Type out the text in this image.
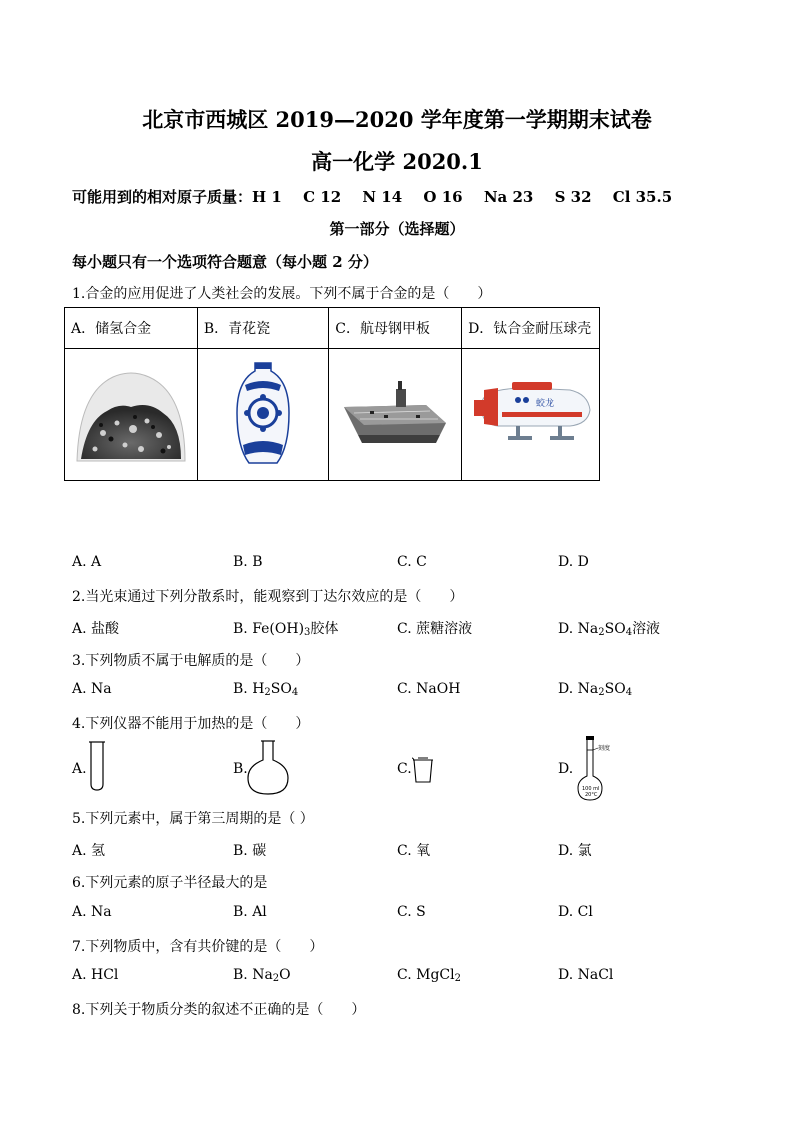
北京市西城区 2019—2020 学年度第一学期期末试卷
高一化学 2020.1
可能用到的相对原子质量：H 1 C 12 N 14 O 16 Na 23 S 32 Cl 35.5
第一部分（选择题）
每小题只有一个选项符合题意（每小题 2 分）
1.合金的应用促进了人类社会的发展。下列不属于合金的是（　　）
A．储氢合金	B．青花瓷	C．航母钢甲板	D．钛合金耐压球壳

蛟龙
A. A	B. B	C. C	D. D
2.当光束通过下列分散系时，能观察到丁达尔效应的是（　　）
A. 盐酸	B. $Fe(OH)_3$胶体	C. 蔗糖溶液	D. $Na_2SO_4$溶液
3.下列物质不属于电解质的是（　　）
A. Na	B. $H_2SO_4$	C. NaOH	D. $Na_2SO_4$
4.下列仪器不能用于加热的是（　　）
A.	B.	C.	D.
刻度
100 ml
20°C
5.下列元素中，属于第三周期的是（ ）
A. 氢	B. 碳	C. 氧	D. 氯
6.下列元素的原子半径最大的是
A. Na	B. Al	C. S	D. Cl
7.下列物质中，含有共价键的是（　　）
A. HCl	B. $Na_2O$	C. MgCl$_2$	D. NaCl
8.下列关于物质分类的叙述不正确的是（　　）
